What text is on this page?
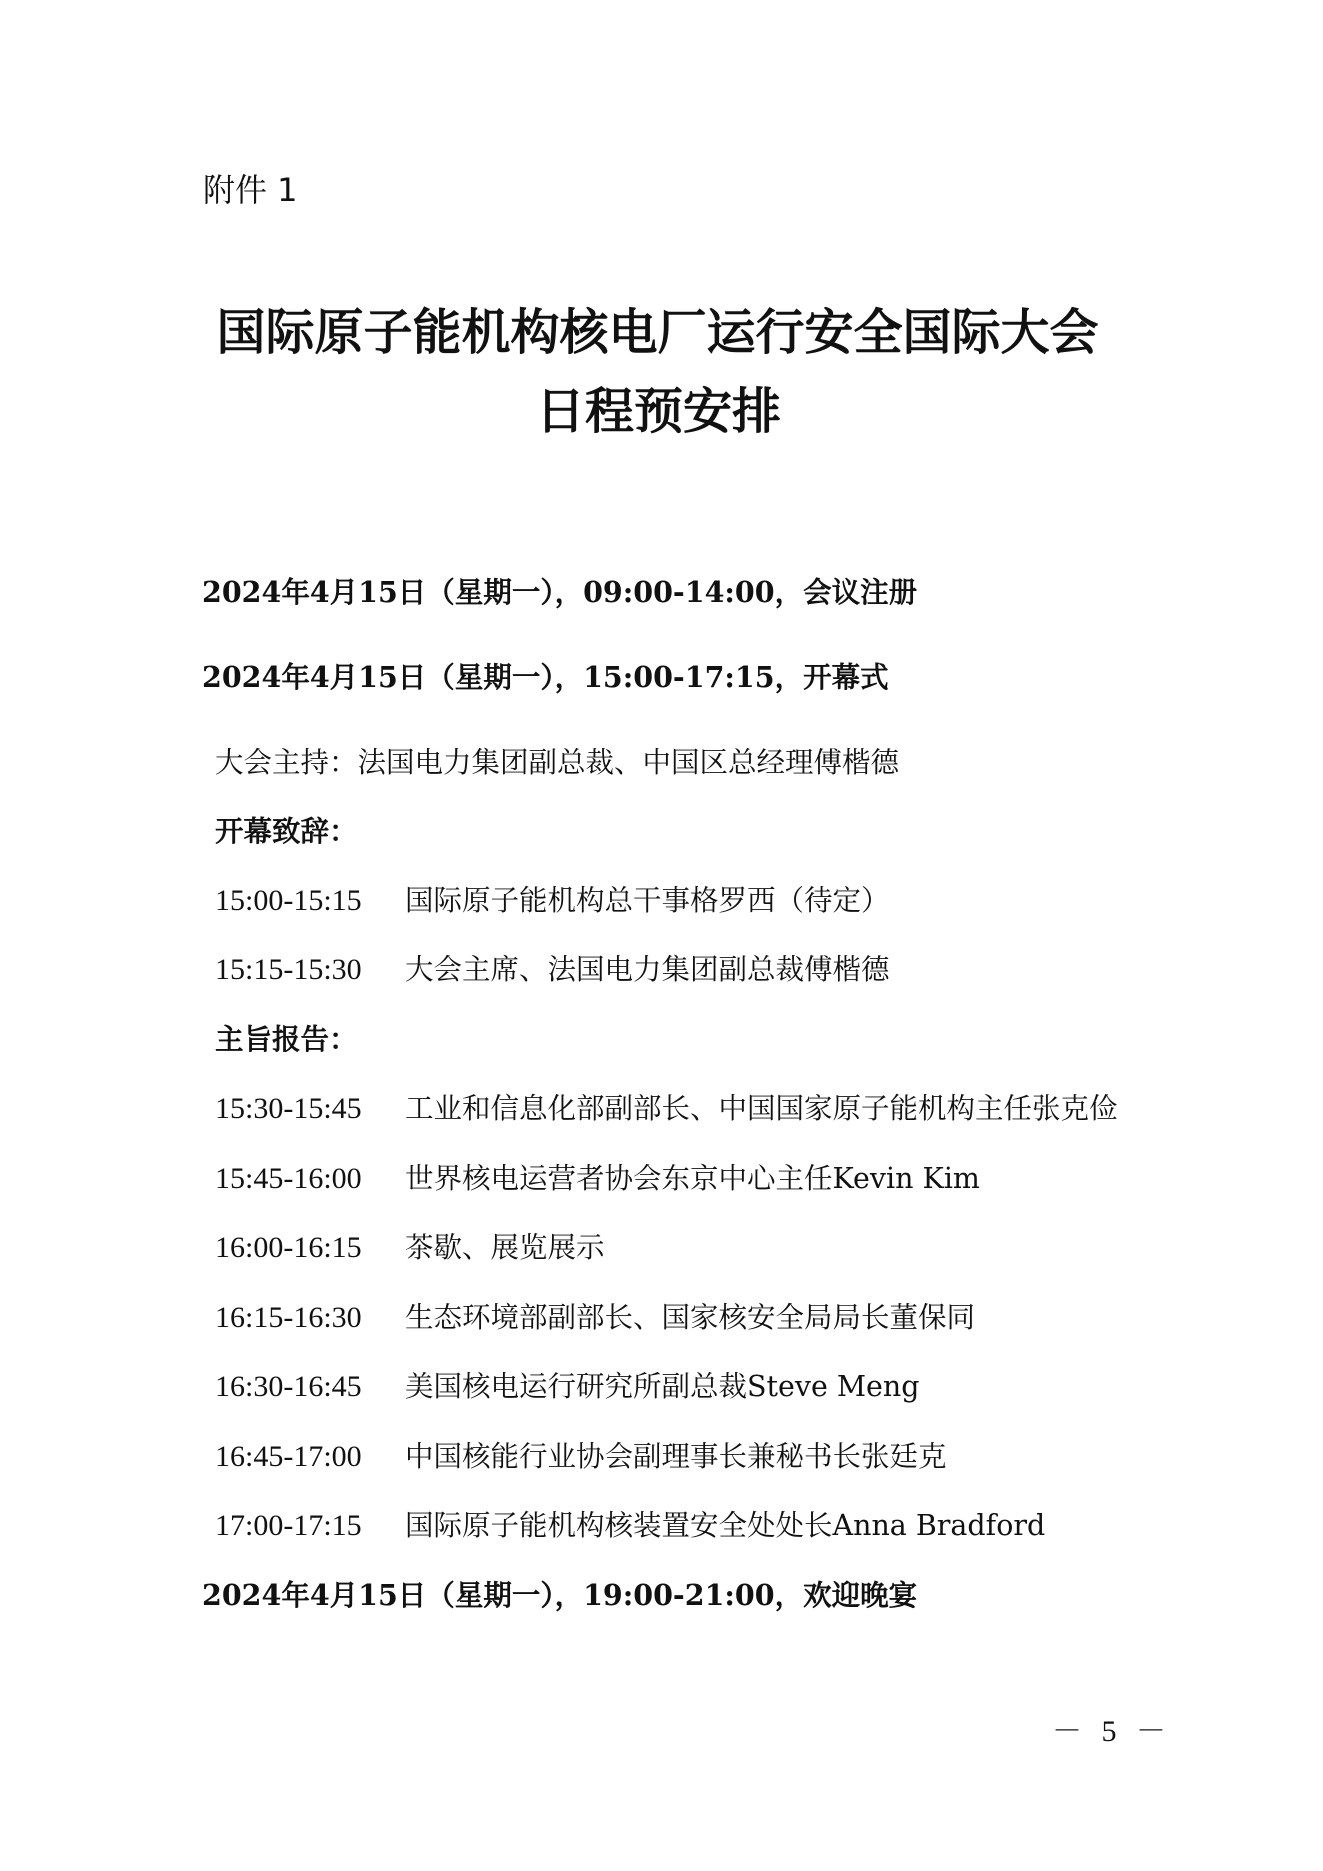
附件 1

国际原子能机构核电厂运行安全国际大会
日程预安排

2024年4月15日（星期一），09:00-14:00，会议注册

2024年4月15日（星期一），15:00-17:15，开幕式

大会主持：法国电力集团副总裁、中国区总经理傅楷德

开幕致辞：

15:00-15:15 国际原子能机构总干事格罗西（待定）
15:15-15:30 大会主席、法国电力集团副总裁傅楷德

主旨报告：

15:30-15:45 工业和信息化部副部长、中国国家原子能机构主任张克俭
15:45-16:00 世界核电运营者协会东京中心主任Kevin Kim
16:00-16:15 茶歇、展览展示
16:15-16:30 生态环境部副部长、国家核安全局局长董保同
16:30-16:45 美国核电运行研究所副总裁Steve Meng
16:45-17:00 中国核能行业协会副理事长兼秘书长张廷克
17:00-17:15 国际原子能机构核装置安全处处长Anna Bradford

2024年4月15日（星期一），19:00-21:00，欢迎晚宴

－ 5 －
